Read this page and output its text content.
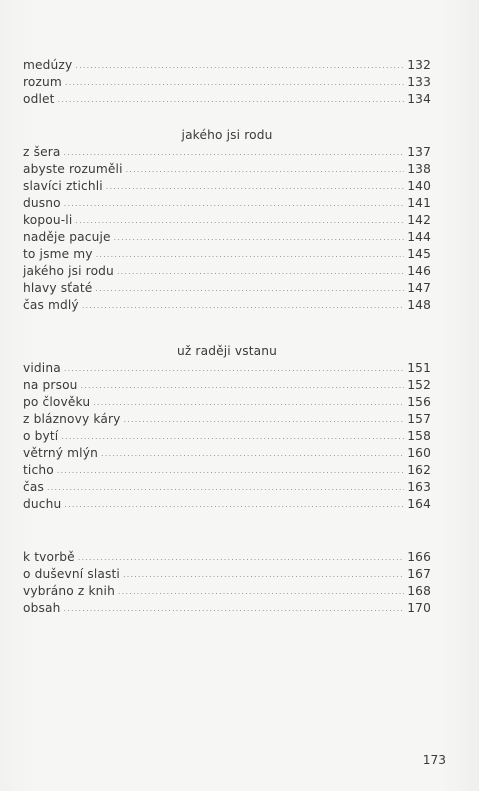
medúzy .....	132
rozum .....	133
odlet .....	134
jakého jsi rodu
z šera .....	137
abyste rozuměli .....	138
slavíci ztichli .....	140
dusno .....	141
kopou-li .....	142
naděje pacuje .....	144
to jsme my .....	145
jakého jsi rodu .....	146
hlavy sťaté .....	147
čas mdlý .....	148
už raději vstanu
vidina .....	151
na prsou .....	152
po člověku .....	156
z bláznovy káry .....	157
o bytí .....	158
větrný mlýn .....	160
ticho .....	162
čas .....	163
duchu .....	164
k tvorbě .....	166
o duševní slasti .....	167
vybráno z knih .....	168
obsah .....	170
173
